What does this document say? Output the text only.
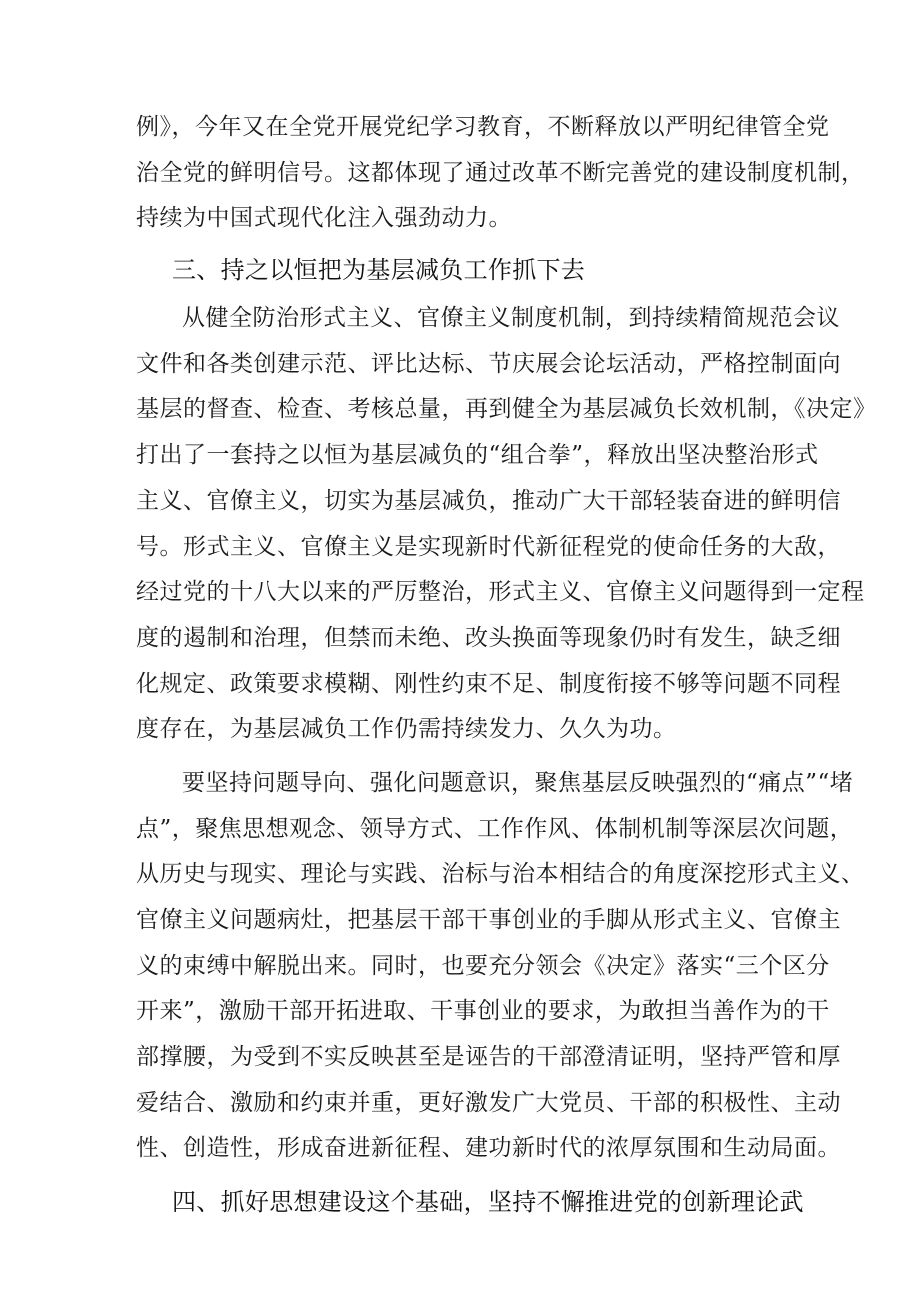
例》，今年又在全党开展党纪学习教育，不断释放以严明纪律管全党
治全党的鲜明信号。这都体现了通过改革不断完善党的建设制度机制，
持续为中国式现代化注入强劲动力。
三、持之以恒把为基层减负工作抓下去
从健全防治形式主义、官僚主义制度机制，到持续精简规范会议
文件和各类创建示范、评比达标、节庆展会论坛活动，严格控制面向
基层的督查、检查、考核总量，再到健全为基层减负长效机制，《决定》
打出了一套持之以恒为基层减负的“组合拳”，释放出坚决整治形式
主义、官僚主义，切实为基层减负，推动广大干部轻装奋进的鲜明信
号。形式主义、官僚主义是实现新时代新征程党的使命任务的大敌，
经过党的十八大以来的严厉整治，形式主义、官僚主义问题得到一定程
度的遏制和治理，但禁而未绝、改头换面等现象仍时有发生，缺乏细
化规定、政策要求模糊、刚性约束不足、制度衔接不够等问题不同程
度存在，为基层减负工作仍需持续发力、久久为功。
要坚持问题导向、强化问题意识，聚焦基层反映强烈的“痛点”“堵
点”，聚焦思想观念、领导方式、工作作风、体制机制等深层次问题，
从历史与现实、理论与实践、治标与治本相结合的角度深挖形式主义、
官僚主义问题病灶，把基层干部干事创业的手脚从形式主义、官僚主
义的束缚中解脱出来。同时，也要充分领会《决定》落实“三个区分
开来”，激励干部开拓进取、干事创业的要求，为敢担当善作为的干
部撑腰，为受到不实反映甚至是诬告的干部澄清证明，坚持严管和厚
爱结合、激励和约束并重，更好激发广大党员、干部的积极性、主动
性、创造性，形成奋进新征程、建功新时代的浓厚氛围和生动局面。
四、抓好思想建设这个基础，坚持不懈推进党的创新理论武
